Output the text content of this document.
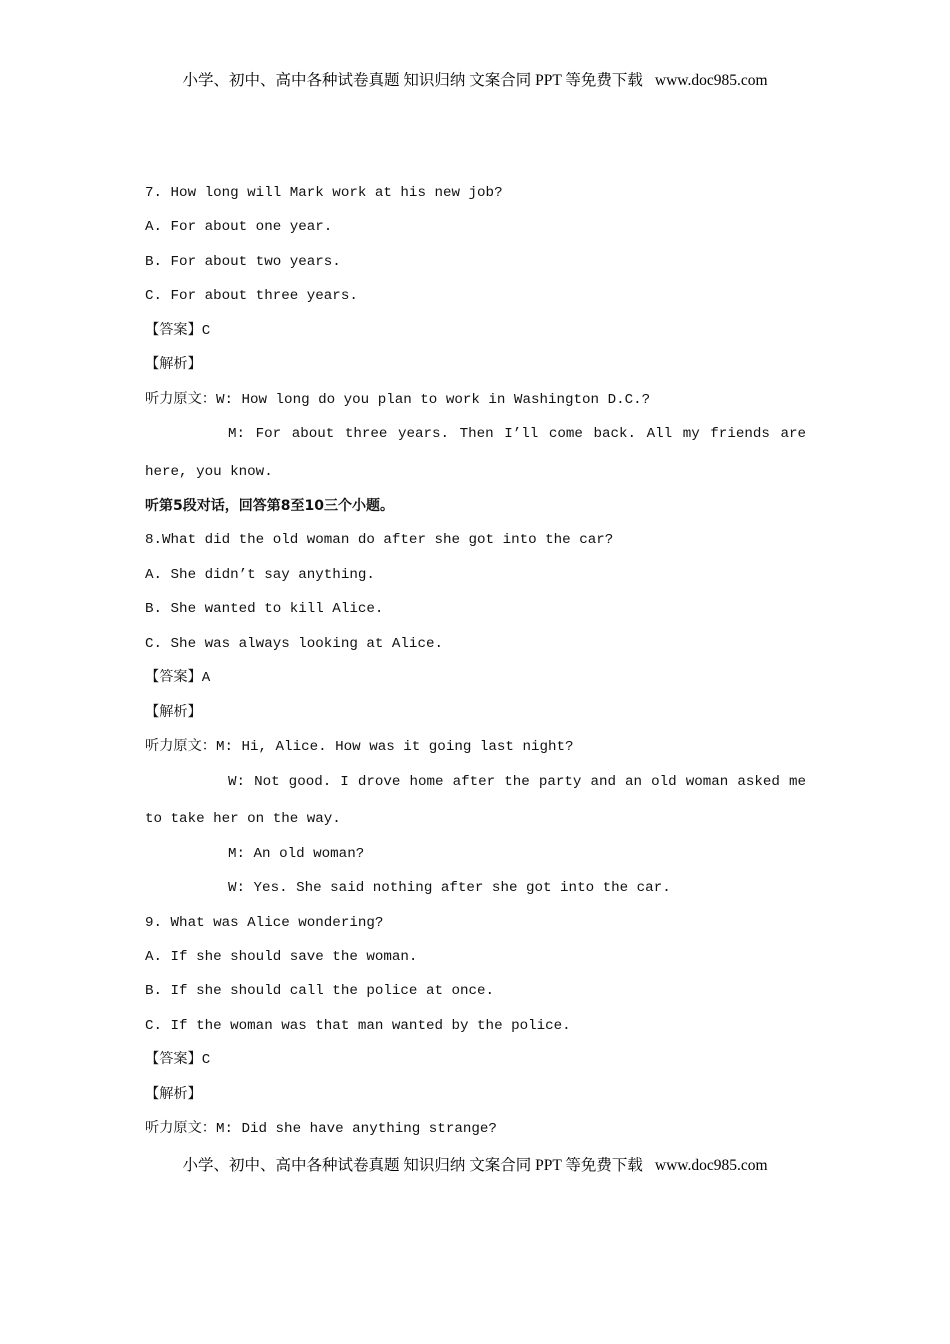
小学、初中、高中各种试卷真题 知识归纳 文案合同 PPT 等免费下载 www.doc985.com
7. How long will Mark work at his new job?
A. For about one year.
B. For about two years.
C. For about three years.
【答案】C
【解析】
听力原文：W: How long do you plan to work in Washington D.C.?
M: For about three years. Then I’ll come back. All my friends are
here, you know.
听第5段对话，回答第8至10三个小题。
8.What did the old woman do after she got into the car?
A. She didn’t say anything.
B. She wanted to kill Alice.
C. She was always looking at Alice.
【答案】A
【解析】
听力原文：M: Hi, Alice. How was it going last night?
W: Not good. I drove home after the party and an old woman asked me
to take her on the way.
M: An old woman?
W: Yes. She said nothing after she got into the car.
9. What was Alice wondering?
A. If she should save the woman.
B. If she should call the police at once.
C. If the woman was that man wanted by the police.
【答案】C
【解析】
听力原文：M: Did she have anything strange?
小学、初中、高中各种试卷真题 知识归纳 文案合同 PPT 等免费下载 www.doc985.com
